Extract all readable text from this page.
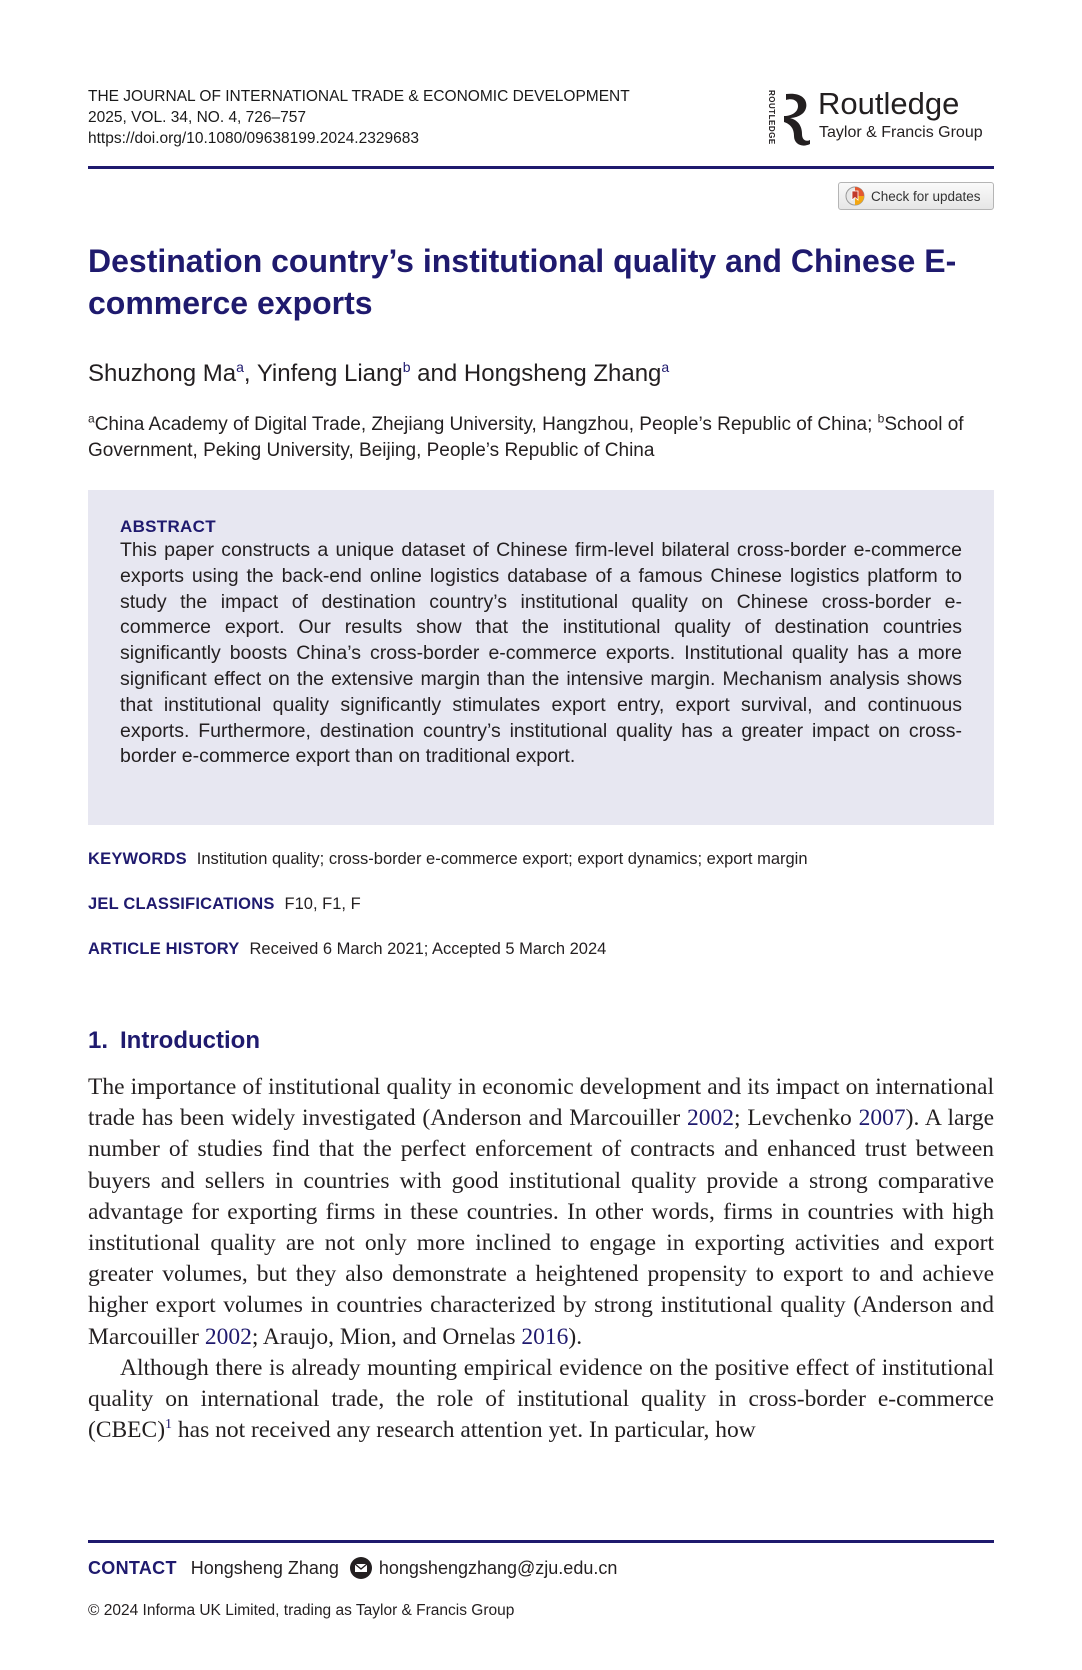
THE JOURNAL OF INTERNATIONAL TRADE & ECONOMIC DEVELOPMENT
2025, VOL. 34, NO. 4, 726–757
https://doi.org/10.1080/09638199.2024.2329683	ROUTLEDGE Routledge
Taylor & Francis Group
Check for updates
Destination country’s institutional quality and Chinese E-commerce exports
Shuzhong Ma$^a$, Yinfeng Liang$^b$ and Hongsheng Zhang$^a$
$^a$China Academy of Digital Trade, Zhejiang University, Hangzhou, People’s Republic of China; $^b$School of Government, Peking University, Beijing, People’s Republic of China
ABSTRACT

This paper constructs a unique dataset of Chinese firm-level bilateral cross-border e-commerce exports using the back-end online logistics database of a famous Chinese logistics platform to study the impact of destination country’s institutional quality on Chinese cross-border e-commerce export. Our results show that the institutional quality of destination countries significantly boosts China’s cross-border e-commerce exports. Institutional quality has a more significant effect on the extensive margin than the intensive margin. Mechanism analysis shows that institutional quality significantly stimulates export entry, export survival, and continuous exports. Furthermore, destination country’s institutional quality has a greater impact on cross-border e-commerce export than on traditional export.

KEYWORDS Institution quality; cross-border e-commerce export; export dynamics; export margin
JEL CLASSIFICATIONS F10, F1, F
ARTICLE HISTORY Received 6 March 2021; Accepted 5 March 2024
1. Introduction

The importance of institutional quality in economic development and its impact on international trade has been widely investigated (Anderson and Marcouiller 2002; Levchenko 2007). A large number of studies find that the perfect enforcement of contracts and enhanced trust between buyers and sellers in countries with good institutional quality provide a strong comparative advantage for exporting firms in these countries. In other words, firms in countries with high institutional quality are not only more inclined to engage in exporting activities and export greater volumes, but they also demonstrate a heightened propensity to export to and achieve higher export volumes in countries characterized by strong institutional quality (Anderson and Marcouiller 2002; Araujo, Mion, and Ornelas 2016).

Although there is already mounting empirical evidence on the positive effect of institutional quality on international trade, the role of institutional quality in cross-border e-commerce (CBEC)$^1$ has not received any research attention yet. In particular, how

CONTACT Hongsheng Zhang hongshengzhang@zju.edu.cn
© 2024 Informa UK Limited, trading as Taylor & Francis Group
